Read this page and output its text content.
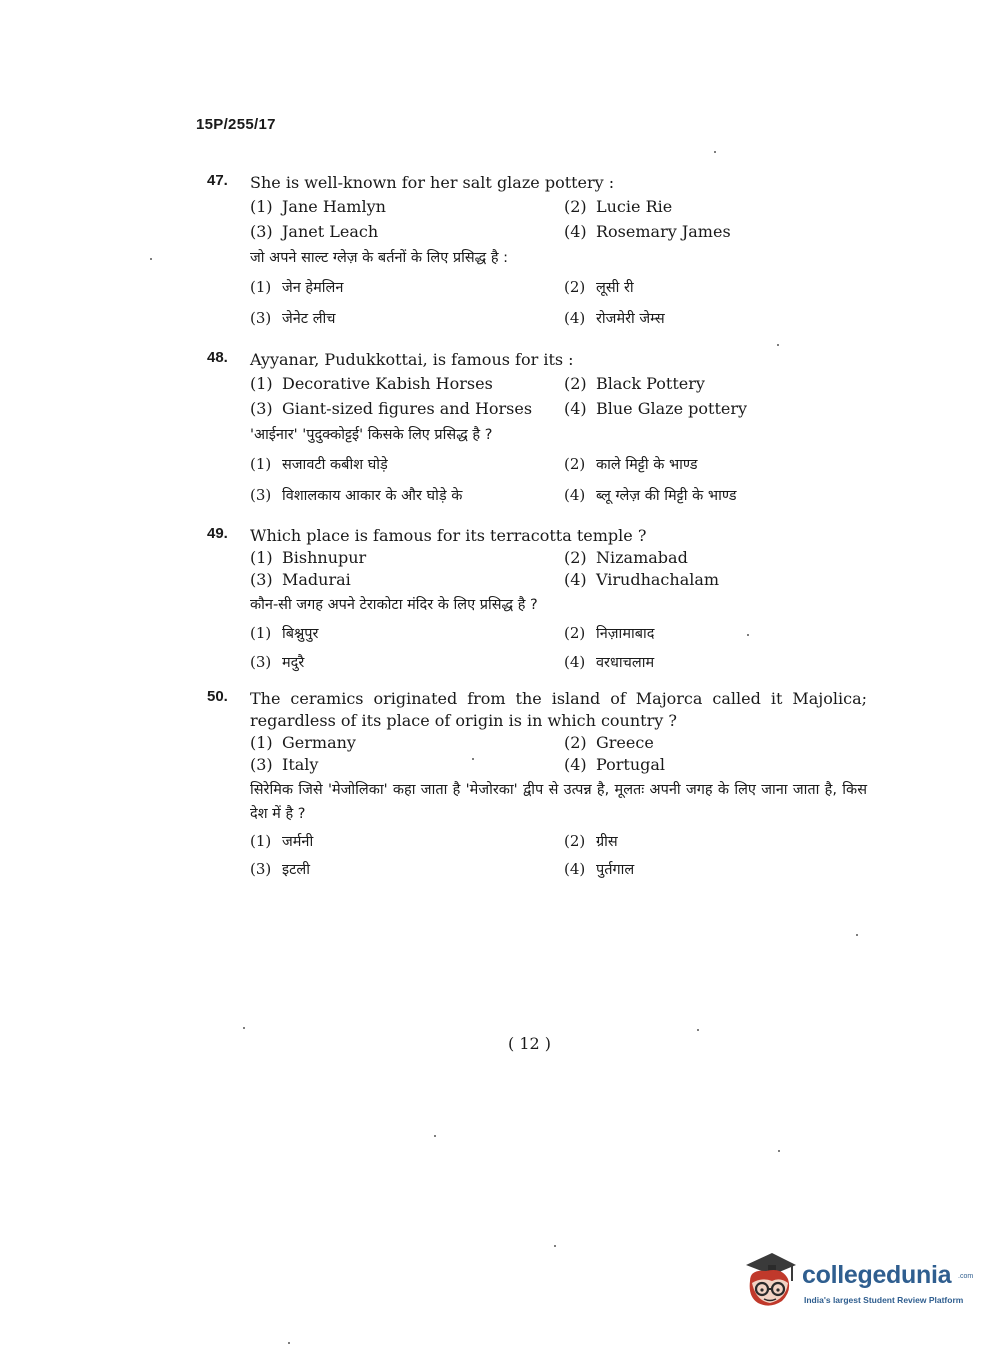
15P/255/17
47. She is well-known for her salt glaze pottery :

(1) Jane Hamlyn	(2) Lucie Rie
(3) Janet Leach	(4) Rosemary James

जो अपने साल्ट ग्लेज़ के बर्तनों के लिए प्रसिद्ध है :

(1) जेन हेमलिन	(2) लूसी री
(3) जेनेट लीच	(4) रोजमेरी जेम्स
48. Ayyanar, Pudukkottai, is famous for its :

(1) Decorative Kabish Horses	(2) Black Pottery
(3) Giant-sized figures and Horses	(4) Blue Glaze pottery

'आईनार' 'पुदुक्कोट्टई' किसके लिए प्रसिद्ध है ?

(1) सजावटी कबीश घोड़े	(2) काले मिट्टी के भाण्ड
(3) विशालकाय आकार के और घोड़े के	(4) ब्लू ग्लेज़ की मिट्टी के भाण्ड
49. Which place is famous for its terracotta temple ?

(1) Bishnupur	(2) Nizamabad
(3) Madurai	(4) Virudhachalam

कौन-सी जगह अपने टेराकोटा मंदिर के लिए प्रसिद्ध है ?

(1) बिश्नुपुर	(2) निज़ामाबाद
(3) मदुरै	(4) वरधाचलाम
50. The ceramics originated from the island of Majorca called it Majolica; regardless of its place of origin is in which country ?

(1) Germany	(2) Greece
(3) Italy	(4) Portugal

सिरेमिक जिसे 'मेजोलिका' कहा जाता है 'मेजोरका' द्वीप से उत्पन्न है, मूलतः अपनी जगह के लिए जाना जाता है, किस देश में है ?

(1) जर्मनी	(2) ग्रीस
(3) इटली	(4) पुर्तगाल
( 12 )
collegedunia .com
India's largest Student Review Platform
